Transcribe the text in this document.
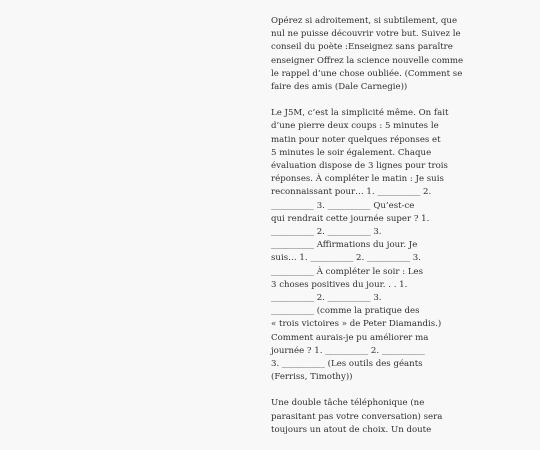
Opérez si adroitement, si subtilement, que
nul ne puisse découvrir votre but. Suivez le
conseil du poète :Enseignez sans paraître
enseigner Offrez la science nouvelle comme
le rappel d’une chose oubliée. (Comment se
faire des amis (Dale Carnegie))

Le J5M, c’est la simplicité même. On fait
d’une pierre deux coups : 5 minutes le
matin pour noter quelques réponses et
5 minutes le soir également. Chaque
évaluation dispose de 3 lignes pour trois
réponses. À compléter le matin : Je suis
reconnaissant pour… 1. __________ 2.
__________ 3. __________ Qu’est-ce
qui rendrait cette journée super ? 1.
__________ 2. __________ 3.
__________ Affirmations du jour. Je
suis… 1. __________ 2. __________ 3.
__________ À compléter le soir : Les
3 choses positives du jour. . . 1.
__________ 2. __________ 3.
__________ (comme la pratique des
« trois victoires » de Peter Diamandis.)
Comment aurais-je pu améliorer ma
journée ? 1. __________ 2. __________
3. __________ (Les outils des géants
(Ferriss, Timothy))

Une double tâche téléphonique (ne
parasitant pas votre conversation) sera
toujours un atout de choix. Un doute
